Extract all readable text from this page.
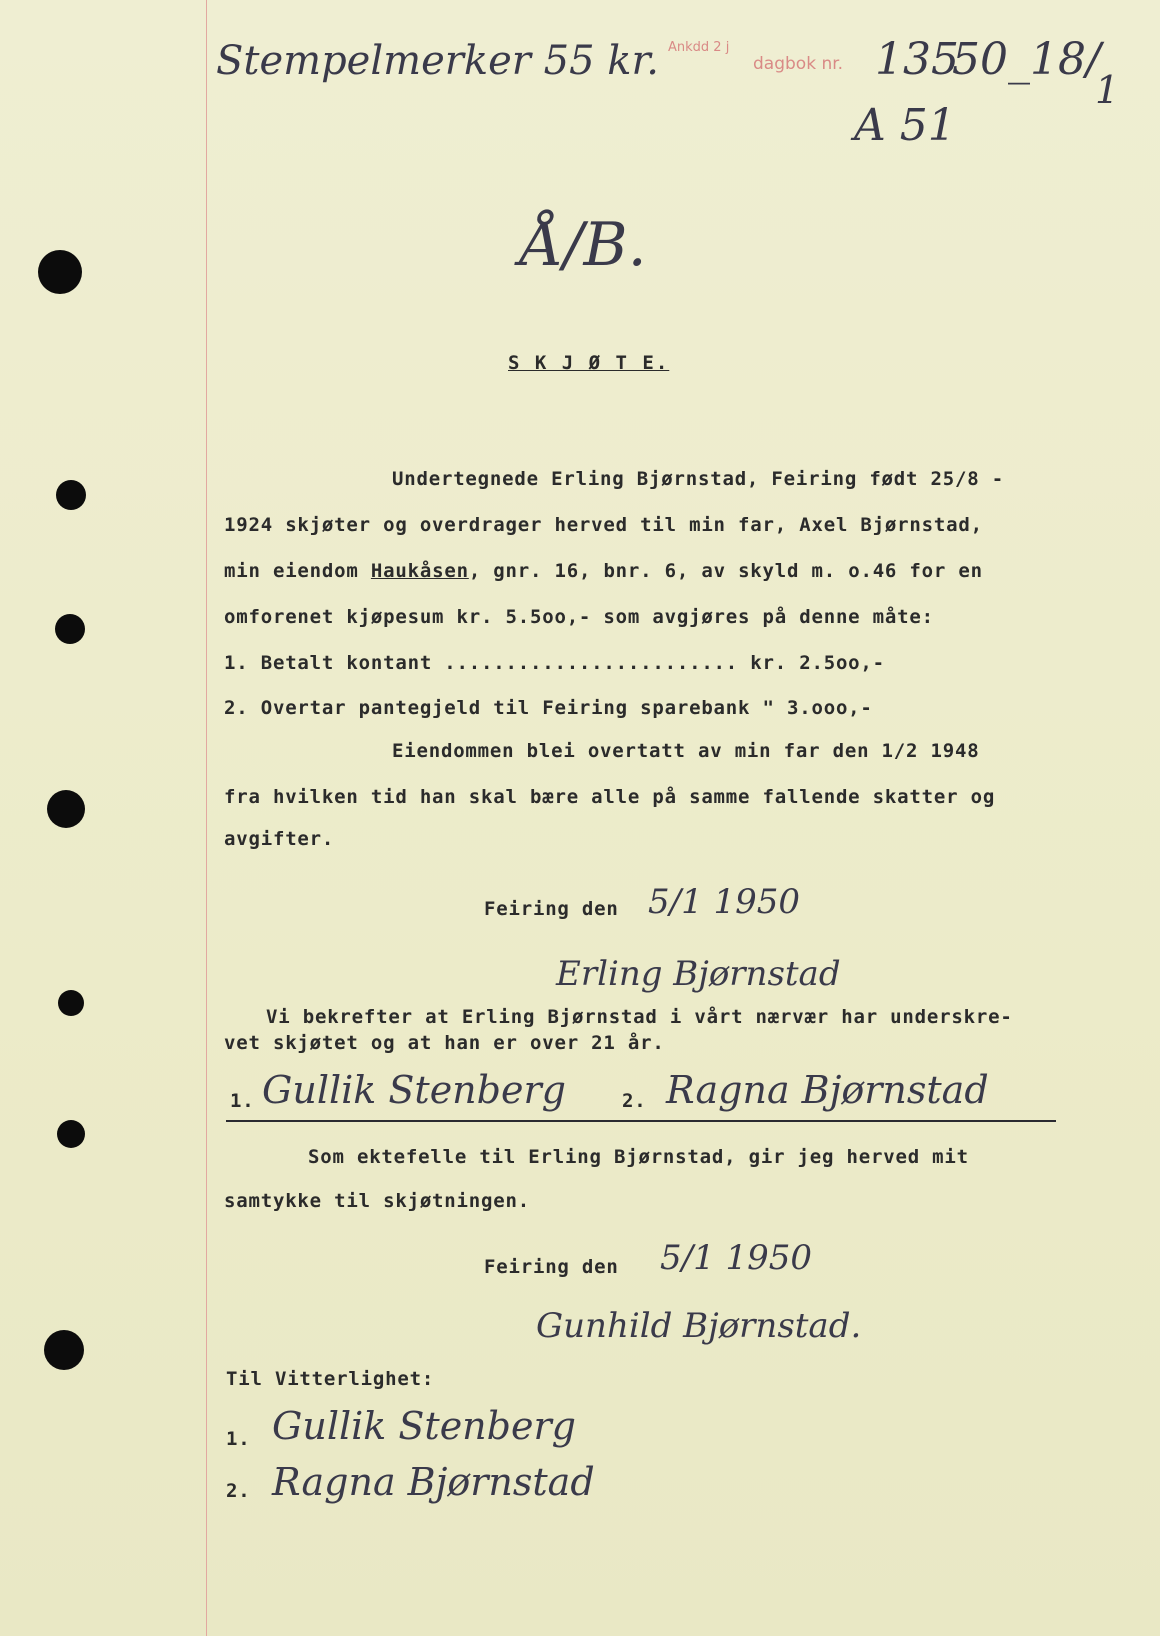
Stempelmerker 55 kr. Ankdd 2 j
dagbok nr. 135
50_18/
1
A 51
Å/B.
S K J Ø T E.
Undertegnede Erling Bjørnstad, Feiring født 25/8 -
1924 skjøter og overdrager herved til min far, Axel Bjørnstad,
min eiendom Haukåsen, gnr. 16, bnr. 6, av skyld m. o.46 for en
omforenet kjøpesum kr. 5.5oo,- som avgjøres på denne måte:
1. Betalt kontant ........................ kr. 2.5oo,-
2. Overtar pantegjeld til Feiring sparebank " 3.ooo,-
Eiendommen blei overtatt av min far den 1/2 1948
fra hvilken tid han skal bære alle på samme fallende skatter og
avgifter.
Feiring den 5/1 1950
Erling Bjørnstad
Vi bekrefter at Erling Bjørnstad i vårt nærvær har underskre-
vet skjøtet og at han er over 21 år.
1. Gullik Stenberg	2. Ragna Bjørnstad
Som ektefelle til Erling Bjørnstad, gir jeg herved mit
samtykke til skjøtningen.
Feiring den 5/1 1950
Gunhild Bjørnstad.
Til Vitterlighet:
1. Gullik Stenberg
2. Ragna Bjørnstad
